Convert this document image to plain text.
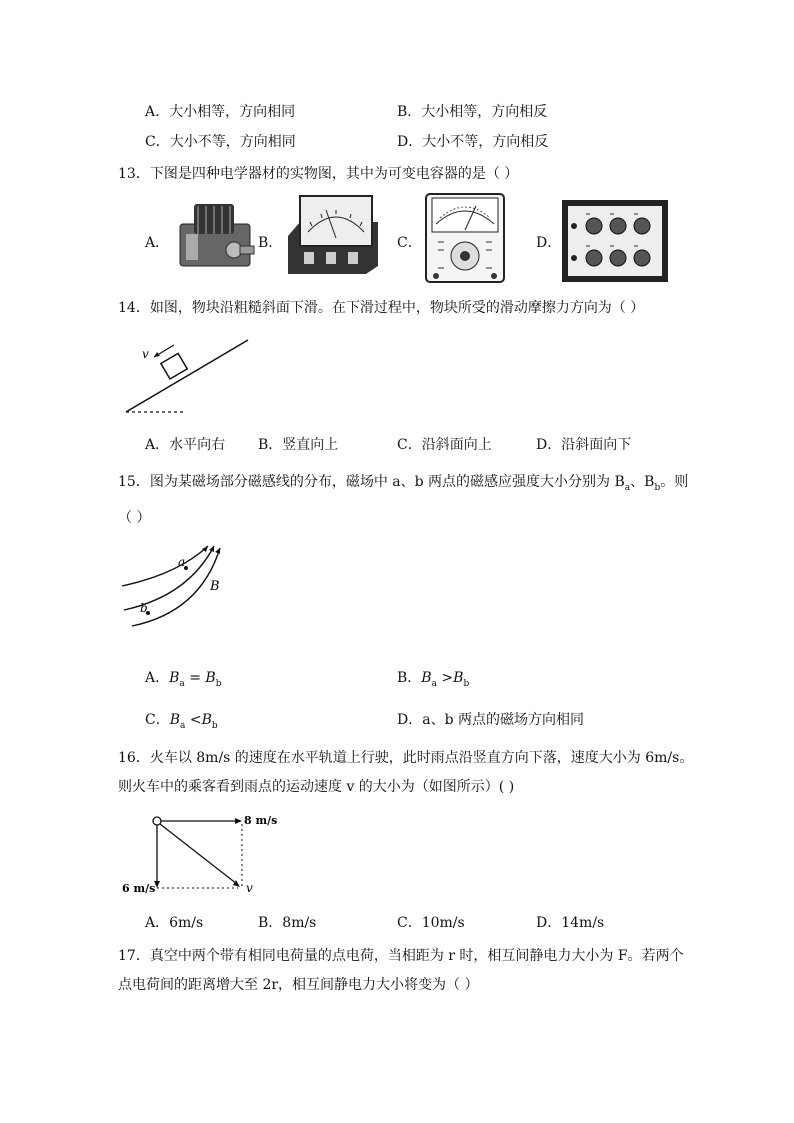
A．大小相等，方向相同	B．大小相等，方向相反
C．大小不等，方向相同	D．大小不等，方向相反
13．下图是四种电学器材的实物图，其中为可变电容器的是（ ）
A．	B．	C．	D．
14．如图，物块沿粗糙斜面下滑。在下滑过程中，物块所受的滑动摩擦力方向为（ ）
v
A．水平向右 B．竖直向上	C．沿斜面向上	D．沿斜面向下
15．图为某磁场部分磁感线的分布，磁场中 a、b 两点的磁感应强度大小分别为 $B_a$、$B_b$。则
（ ）
a
b
B
A．$B_a = B_b$	B．$B_a >B_b$
C．$B_a <B_b$	D．a、b 两点的磁场方向相同
16．火车以 8m/s 的速度在水平轨道上行驶，此时雨点沿竖直方向下落，速度大小为 6m/s。
则火车中的乘客看到雨点的运动速度 v 的大小为（如图所示）( )
8 m/s
6 m/s	v
A．6m/s	B．8m/s	C．10m/s	D．14m/s
17．真空中两个带有相同电荷量的点电荷，当相距为 r 时，相互间静电力大小为 F。若两个
点电荷间的距离增大至 2r，相互间静电力大小将变为（ ）
